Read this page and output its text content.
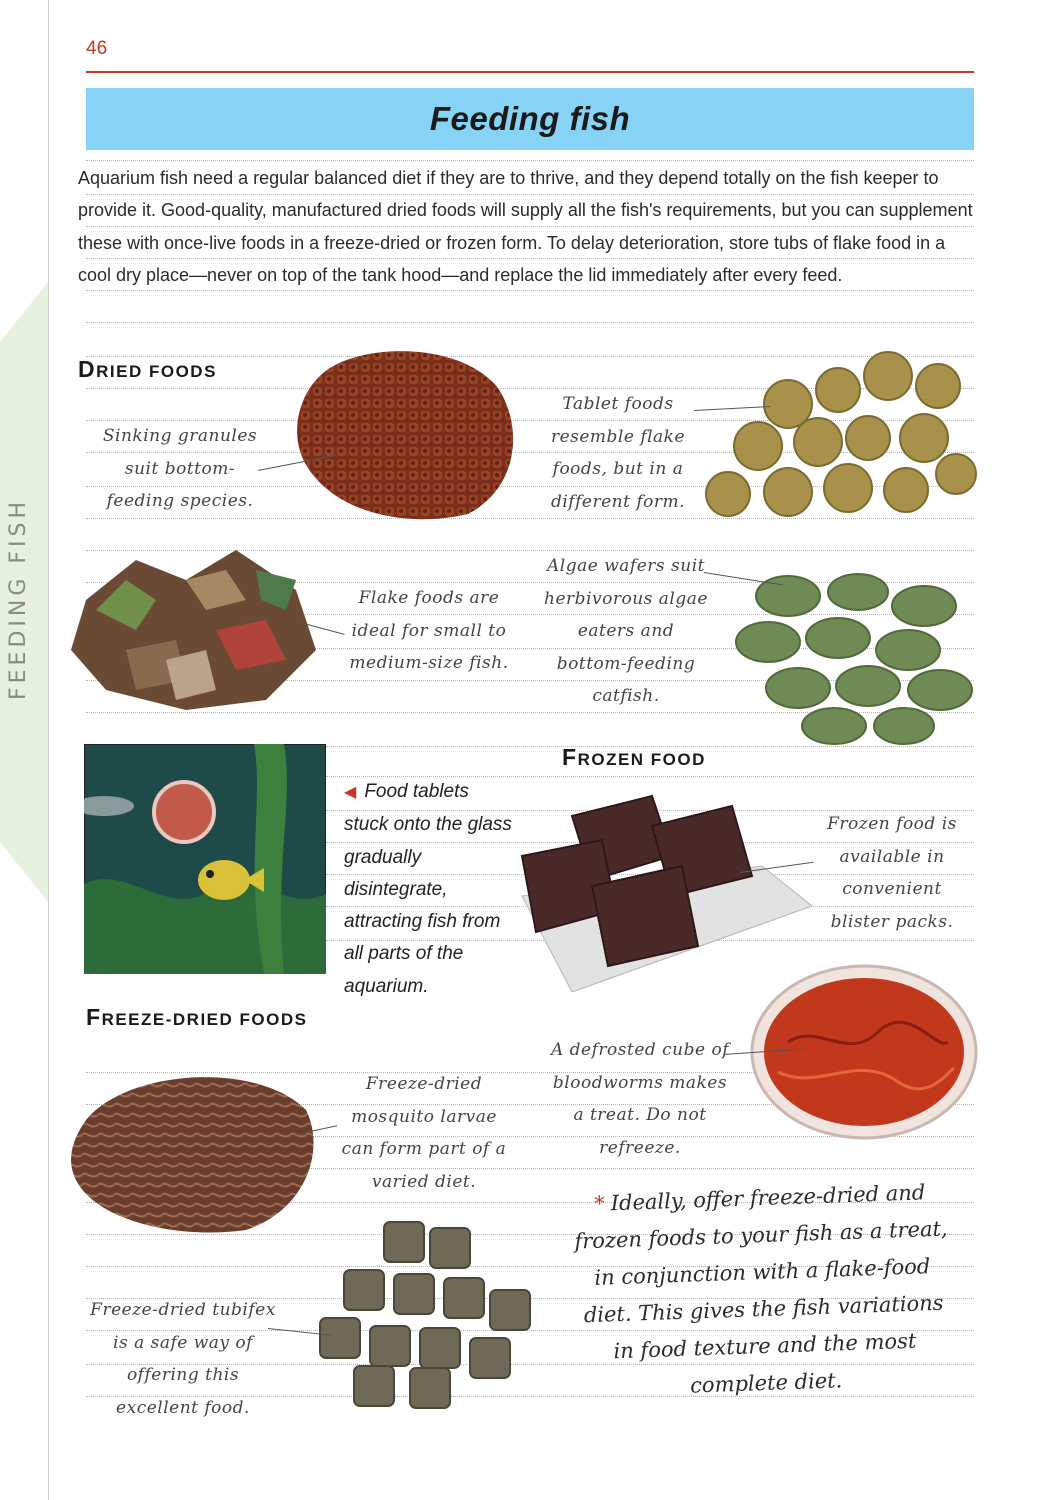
FEEDING FISH
46
Feeding fish
Aquarium fish need a regular balanced diet if they are to thrive, and they depend totally on the fish keeper to provide it. Good-quality, manufactured dried foods will supply all the fish's requirements, but you can supplement these with once-live foods in a freeze-dried or frozen form. To delay deterioration, store tubs of flake food in a cool dry place—never on top of the tank hood—and replace the lid immediately after every feed.
DRIED FOODS
FROZEN FOOD
FREEZE-DRIED FOODS
Sinking granules suit bottom-feeding species.
Tablet foods resemble flake foods, but in a different form.
Flake foods are ideal for small to medium-size fish.
Algae wafers suit herbivorous algae eaters and bottom-feeding catfish.
Frozen food is available in convenient blister packs.
A defrosted cube of bloodworms makes a treat. Do not refreeze.
Freeze-dried mosquito larvae can form part of a varied diet.
Freeze-dried tubifex is a safe way of offering this excellent food.
◀ Food tablets stuck onto the glass gradually disintegrate, attracting fish from all parts of the aquarium.
* Ideally, offer freeze-dried and frozen foods to your fish as a treat, in conjunction with a flake-food diet. This gives the fish variations in food texture and the most complete diet.
